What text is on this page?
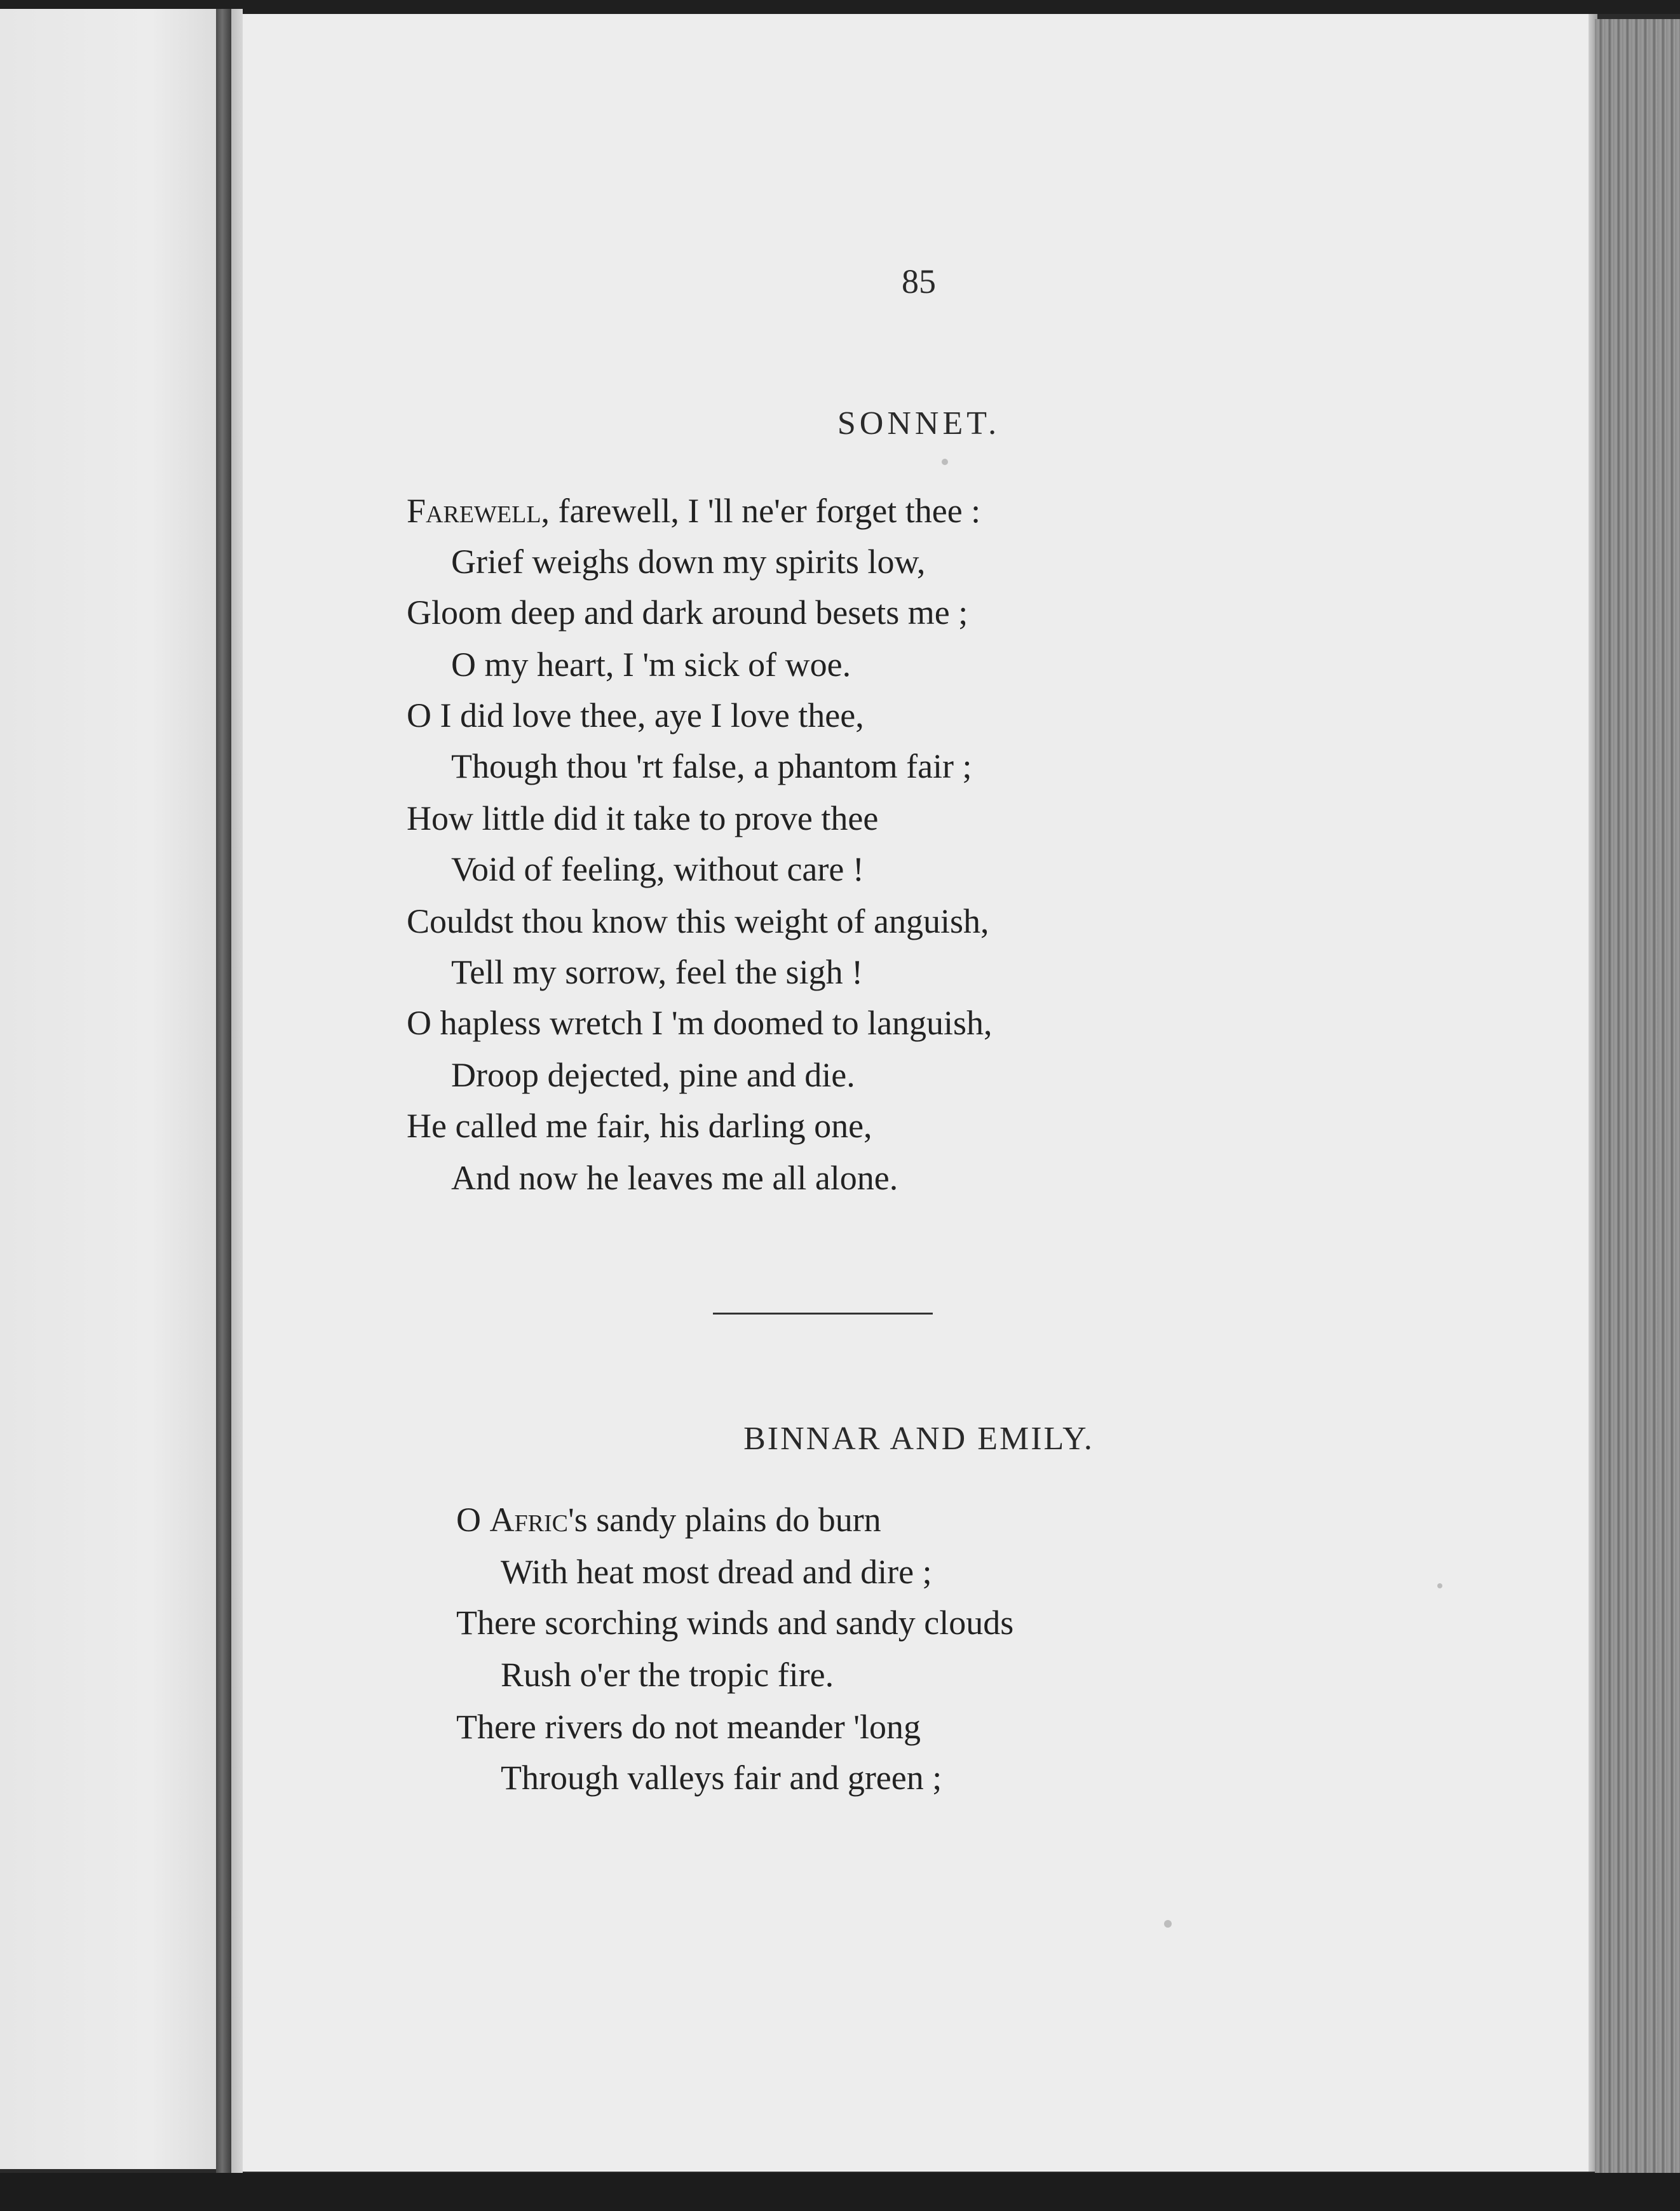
85

SONNET.
Farewell, farewell, I 'll ne'er forget thee :
Grief weighs down my spirits low,
Gloom deep and dark around besets me ;
O my heart, I 'm sick of woe.
O I did love thee, aye I love thee,
Though thou 'rt false, a phantom fair ;
How little did it take to prove thee
Void of feeling, without care !
Couldst thou know this weight of anguish,
Tell my sorrow, feel the sigh !
O hapless wretch I 'm doomed to languish,
Droop dejected, pine and die.
He called me fair, his darling one,
And now he leaves me all alone.
BINNAR AND EMILY.
O Afric's sandy plains do burn
With heat most dread and dire ;
There scorching winds and sandy clouds
Rush o'er the tropic fire.
There rivers do not meander 'long
Through valleys fair and green ;
